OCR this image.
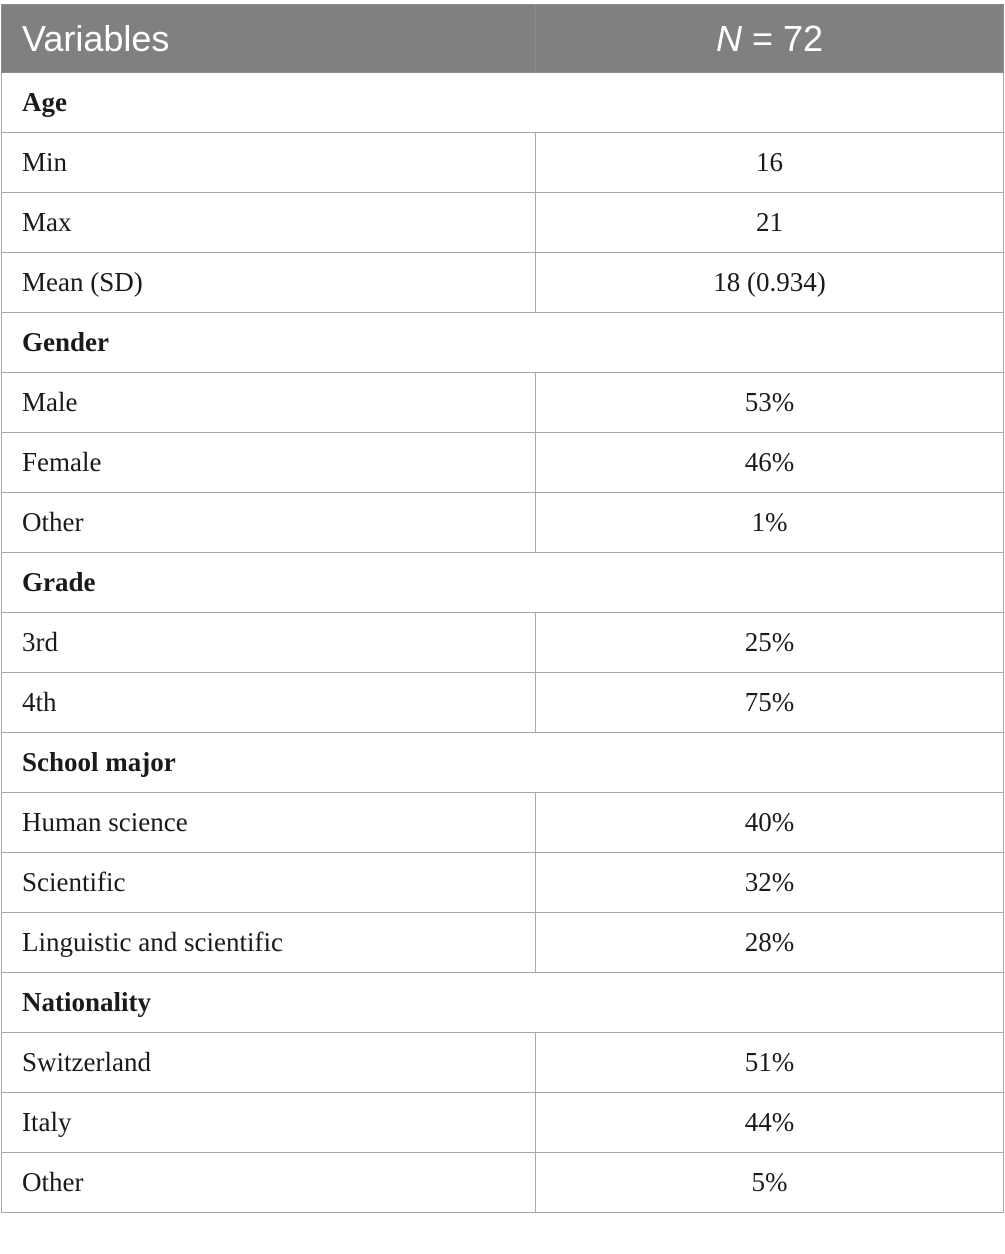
Variables	N = 72
Age	
Min	16
Max	21
Mean (SD)	18 (0.934)
Gender	
Male	53%
Female	46%
Other	1%
Grade	
3rd	25%
4th	75%
School major	
Human science	40%
Scientific	32%
Linguistic and scientific	28%
Nationality	
Switzerland	51%
Italy	44%
Other	5%
